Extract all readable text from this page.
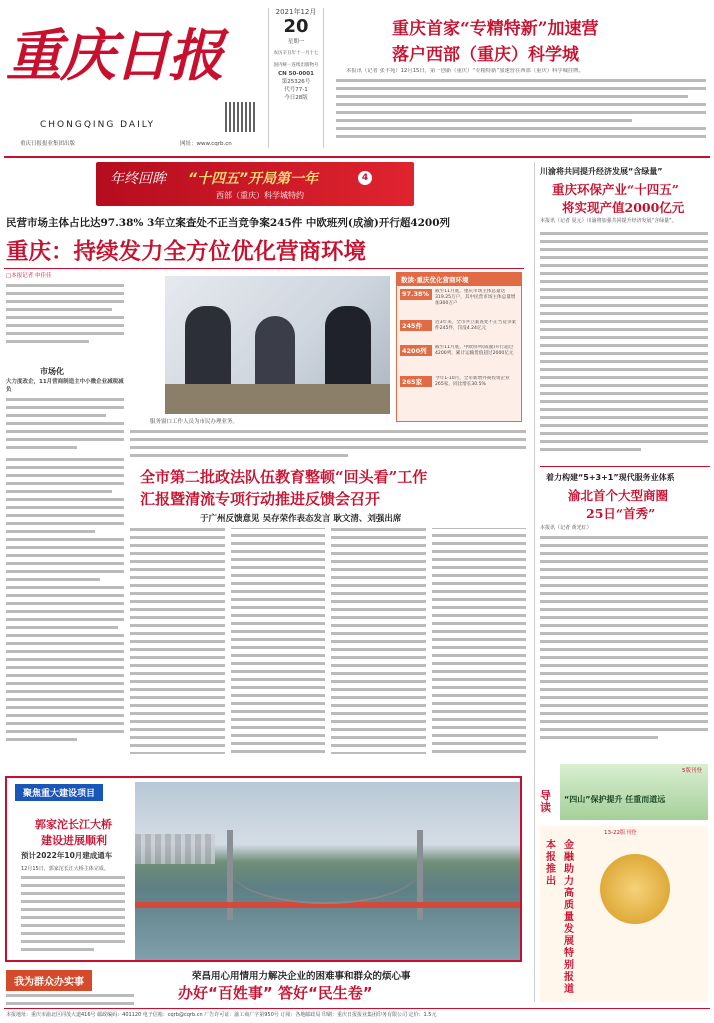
重庆日报
CHONGQING DAILY
重庆日报报业集团出版	网址：www.cqrb.cn
2021年12月
20
星期一
农历辛丑年十一月十七
国内统一连续出版物号
CN 50-0001
第25326号
代号77-1
今日28版
重庆首家“专精特新”加速营
落户西部（重庆）科学城

本报讯（记者 张丰苑）12月15日，第一创新（重庆）“专精特新”加速营在西部（重庆）科学城挂牌。

年终回眸 “十四五”开局第一年	4
西部（重庆）科学城特约
民营市场主体占比达97.38% 3年立案查处不正当竞争案245件 中欧班列(成渝)开行超4200列
重庆：持续发力全方位优化营商环境
□本报记者 申佳佳
市场化
大力度改企，11月营商制造主中小微企业减税减负
服务窗口工作人员为市民办理业务。
数读·重庆优化营商环境
97.38%	截至11月底，重庆市场主体总量达319.25万户，其中民营市场主体总量增加300万户
245件	近3年来，全市共立案查处不正当竞争案件245件，罚没4.24亿元
4200列	截至11月底，中欧班列(成渝)开行超过4200列，累计运输货值超过2000亿元
265家	今年1-10月，全市新增外商投资企业265家，同比增长30.5%
全市第二批政法队伍教育整顿“回头看”工作
汇报暨清流专项行动推进反馈会召开
于广州反馈意见 吴存荣作表态发言 耿文清、刘强出席
聚焦重大建设项目
郭家沱长江大桥
建设进展顺利
预计2022年10月建成通车
12月15日，郭家沱长江大桥主体完成。
我为群众办实事
荣昌用心用情用力解决企业的困难事和群众的烦心事
办好“百姓事” 答好“民生卷”
川渝将共同提升经济发展“含绿量”
重庆环保产业“十四五”
将实现产值2000亿元
本报讯（记者 夏元）川渝将加强共同提升经济发展“含绿量”。
着力构建“5+3+1”现代服务业体系
渝北首个大型商圈
25日“首秀”
本报讯（记者 黄光红）
导读
5版刊登
“四山”保护提升 任重而道远
13-22版刊登
本报推出
金融助力高质量发展特别报道
本报地址：重庆市渝北区同茂大道416号 邮政编码：401120 电子信箱：cqrb@cqrb.cn 广告许可证：渝工商广字第950号 订阅：各地邮政局 印刷：重庆日报报业集团印务有限公司 定价：1.5元
